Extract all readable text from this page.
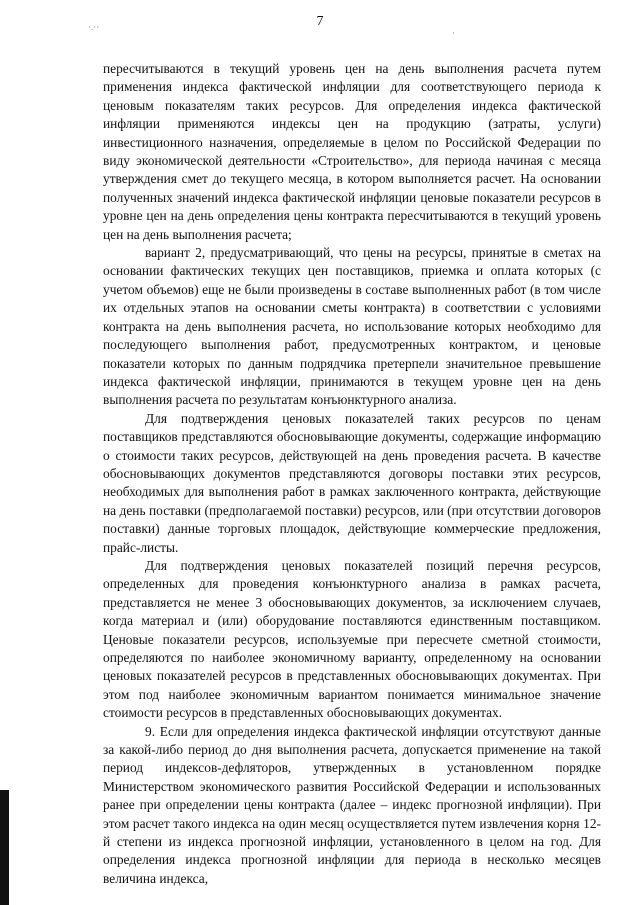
7
·.··
·

пересчитываются в текущий уровень цен на день выполнения расчета путем применения индекса фактической инфляции для соответствующего периода к ценовым показателям таких ресурсов. Для определения индекса фактической инфляции применяются индексы цен на продукцию (затраты, услуги) инвестиционного назначения, определяемые в целом по Российской Федерации по виду экономической деятельности «Строительство», для периода начиная с месяца утверждения смет до текущего месяца, в котором выполняется расчет. На основании полученных значений индекса фактической инфляции ценовые показатели ресурсов в уровне цен на день определения цены контракта пересчитываются в текущий уровень цен на день выполнения расчета;

вариант 2, предусматривающий, что цены на ресурсы, принятые в сметах на основании фактических текущих цен поставщиков, приемка и оплата которых (с учетом объемов) еще не были произведены в составе выполненных работ (в том числе их отдельных этапов на основании сметы контракта) в соответствии с условиями контракта на день выполнения расчета, но использование которых необходимо для последующего выполнения работ, предусмотренных контрактом, и ценовые показатели которых по данным подрядчика претерпели значительное превышение индекса фактической инфляции, принимаются в текущем уровне цен на день выполнения расчета по результатам конъюнктурного анализа.

Для подтверждения ценовых показателей таких ресурсов по ценам поставщиков представляются обосновывающие документы, содержащие информацию о стоимости таких ресурсов, действующей на день проведения расчета. В качестве обосновывающих документов представляются договоры поставки этих ресурсов, необходимых для выполнения работ в рамках заключенного контракта, действующие на день поставки (предполагаемой поставки) ресурсов, или (при отсутствии договоров поставки) данные торговых площадок, действующие коммерческие предложения, прайс-листы.

Для подтверждения ценовых показателей позиций перечня ресурсов, определенных для проведения конъюнктурного анализа в рамках расчета, представляется не менее 3 обосновывающих документов, за исключением случаев, когда материал и (или) оборудование поставляются единственным поставщиком. Ценовые показатели ресурсов, используемые при пересчете сметной стоимости, определяются по наиболее экономичному варианту, определенному на основании ценовых показателей ресурсов в представленных обосновывающих документах. При этом под наиболее экономичным вариантом понимается минимальное значение стоимости ресурсов в представленных обосновывающих документах.

9. Если для определения индекса фактической инфляции отсутствуют данные за какой-либо период до дня выполнения расчета, допускается применение на такой период индексов-дефляторов, утвержденных в установленном порядке Министерством экономического развития Российской Федерации и использованных ранее при определении цены контракта (далее – индекс прогнозной инфляции). При этом расчет такого индекса на один месяц осуществляется путем извлечения корня 12-й степени из индекса прогнозной инфляции, установленного в целом на год. Для определения индекса прогнозной инфляции для периода в несколько месяцев величина индекса,
